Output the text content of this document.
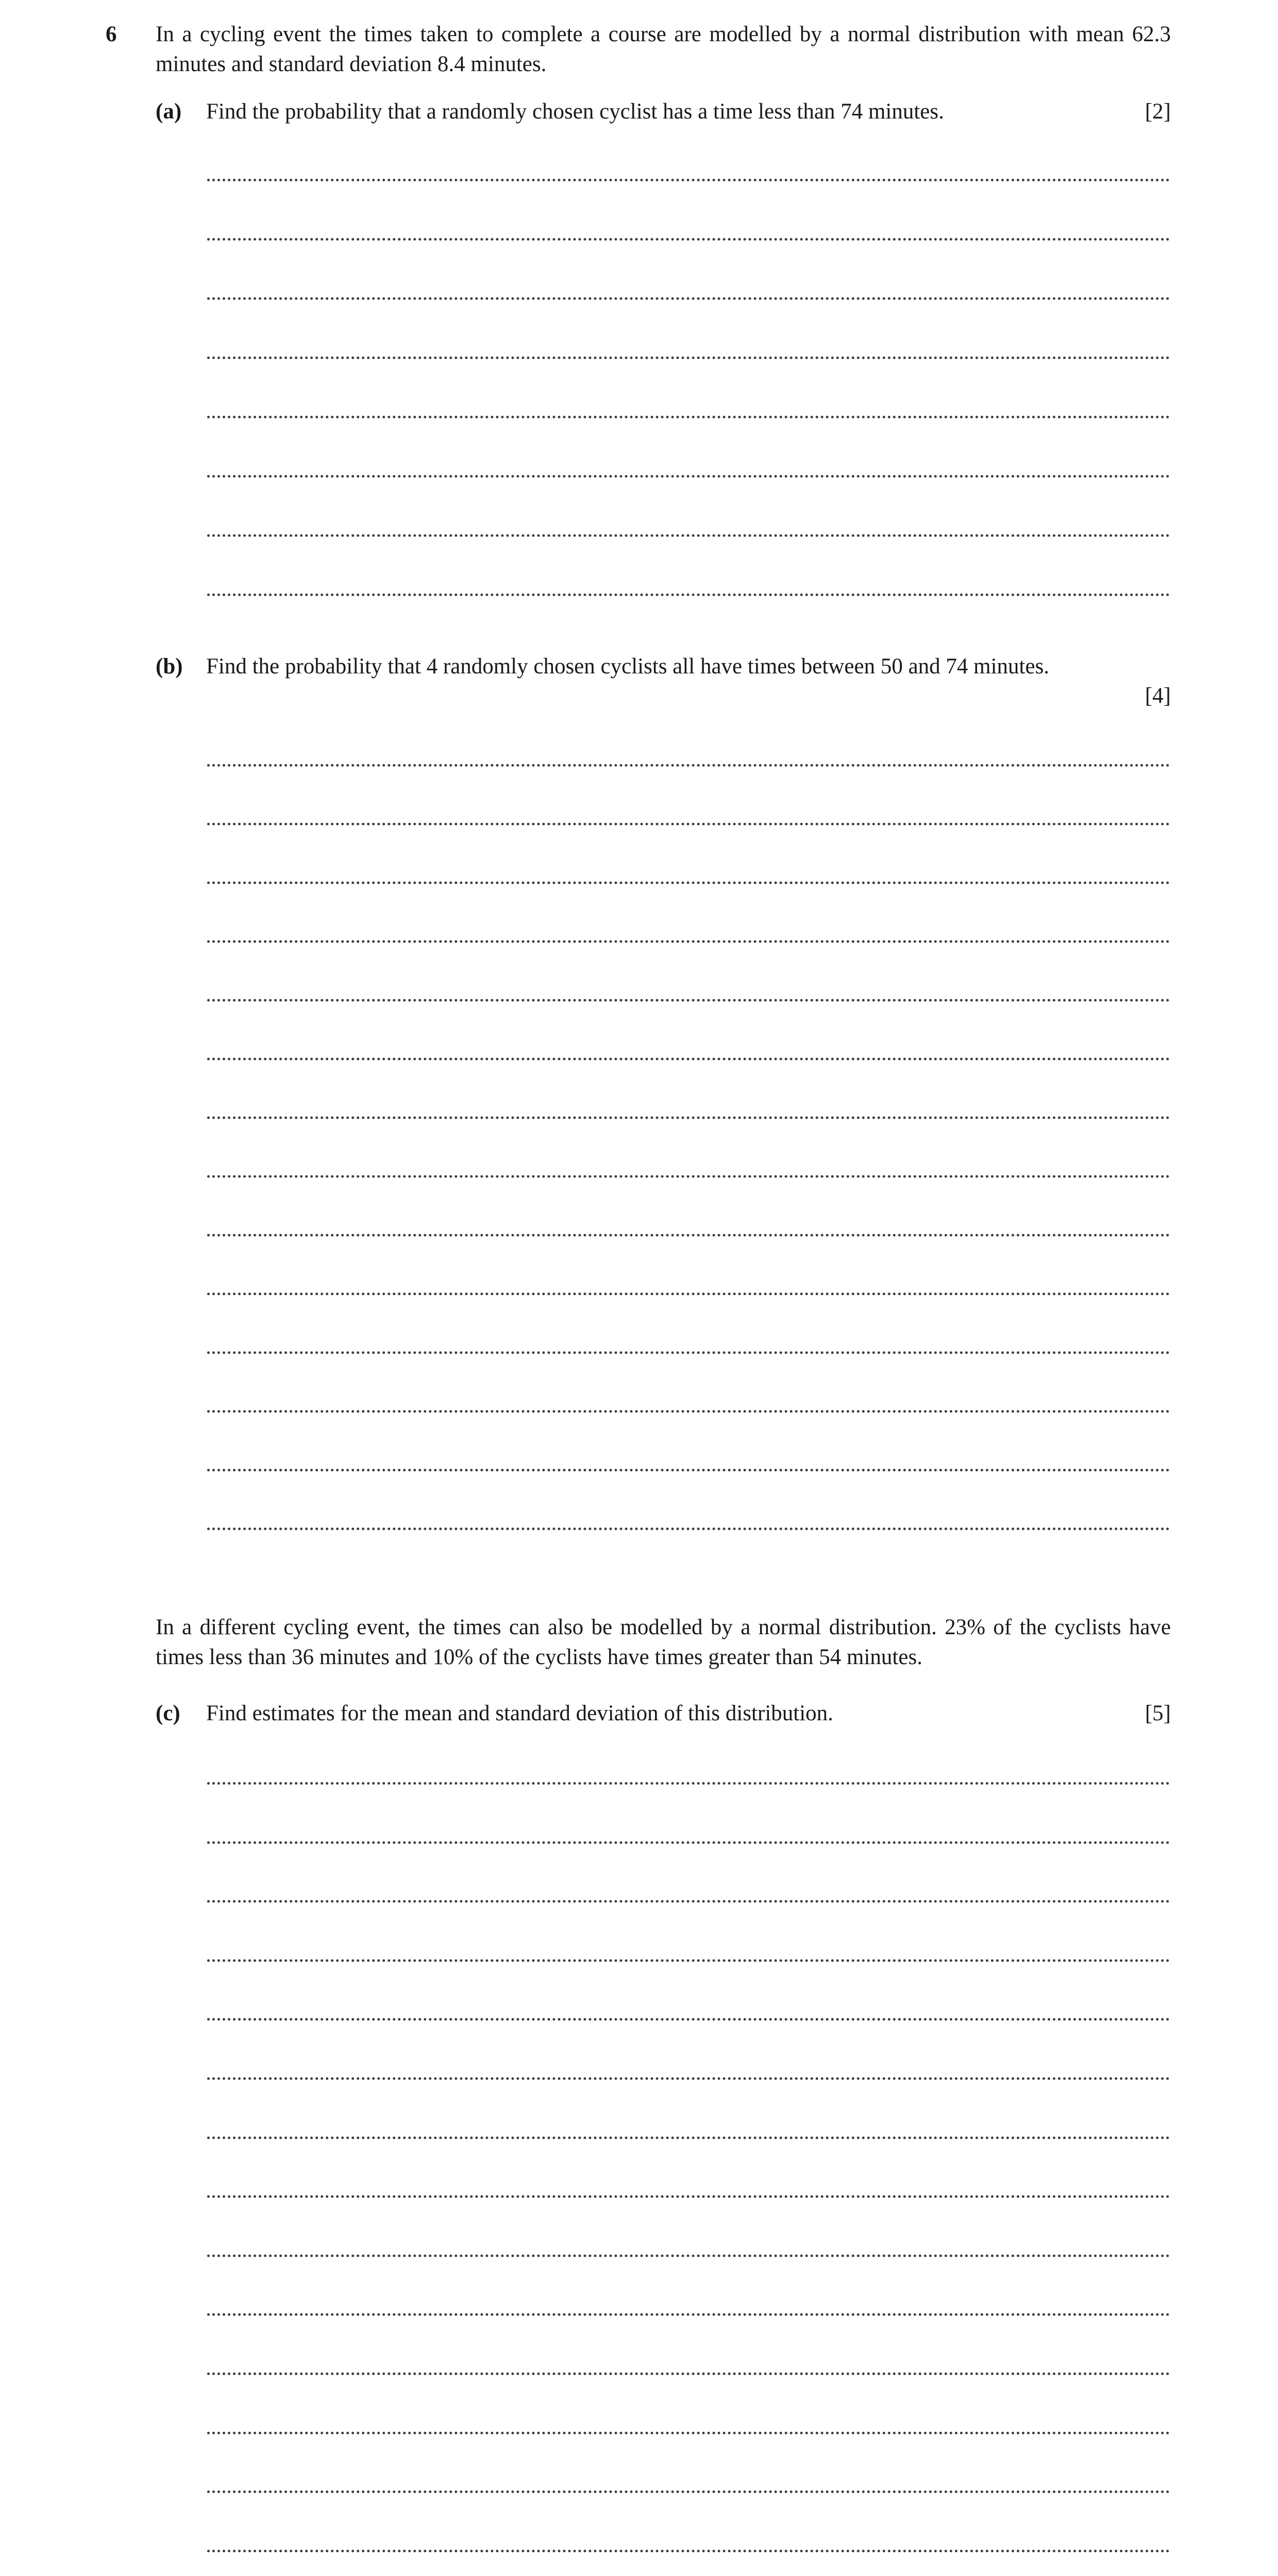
6 In a cycling event the times taken to complete a course are modelled by a normal distribution with mean 62.3 minutes and standard deviation 8.4 minutes.
(a) Find the probability that a randomly chosen cyclist has a time less than 74 minutes.	[2]
(b) Find the probability that 4 randomly chosen cyclists all have times between 50 and 74 minutes.
[4]
In a different cycling event, the times can also be modelled by a normal distribution. 23% of the cyclists have times less than 36 minutes and 10% of the cyclists have times greater than 54 minutes.
(c) Find estimates for the mean and standard deviation of this distribution.	[5]
